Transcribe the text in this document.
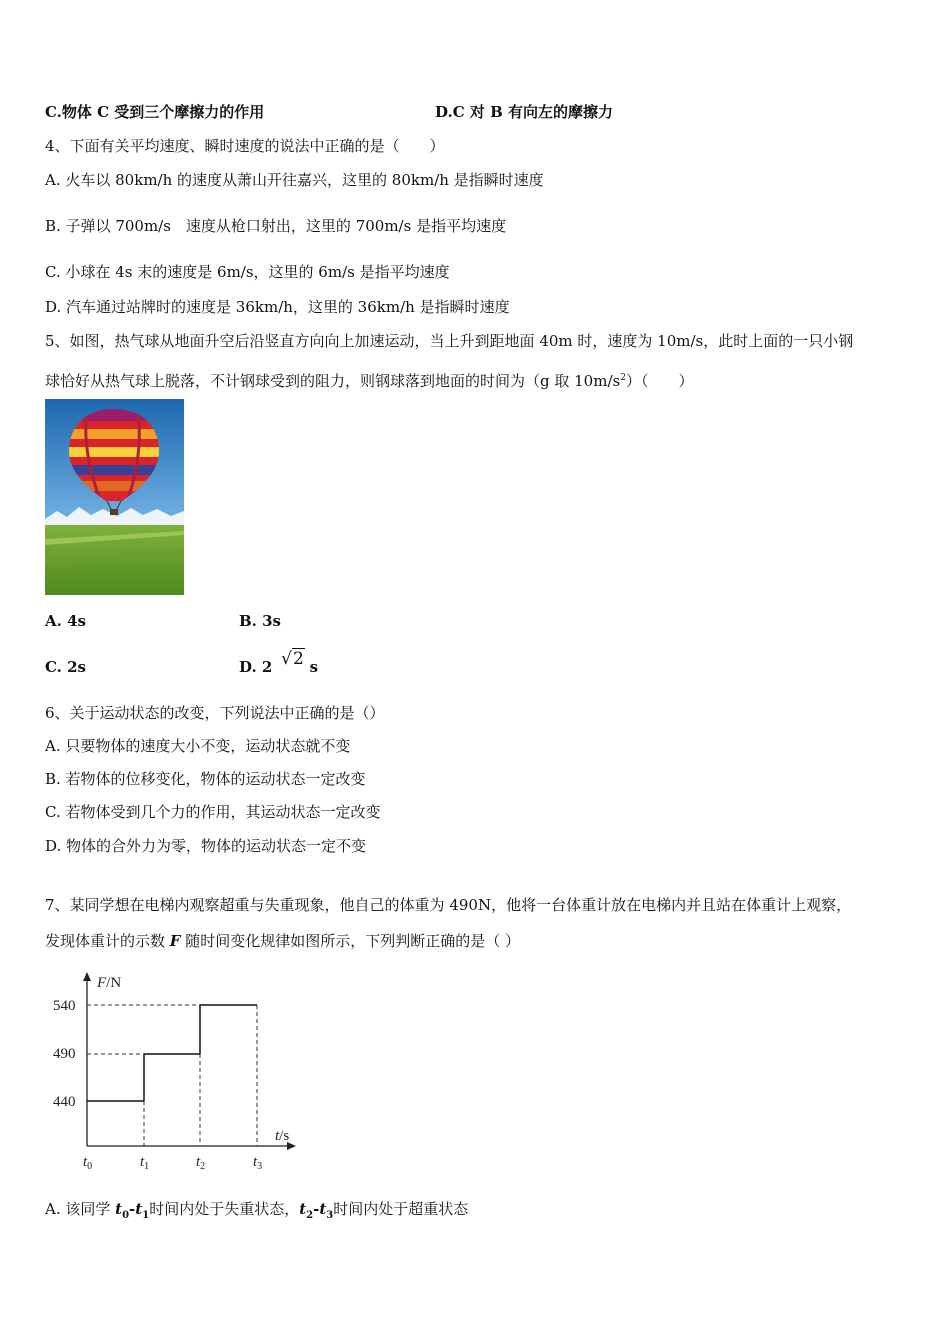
C.物体 C 受到三个摩擦力的作用	D.C 对 B 有向左的摩擦力
4、下面有关平均速度、瞬时速度的说法中正确的是（　　）
A. 火车以 80km/h 的速度从萧山开往嘉兴，这里的 80km/h 是指瞬时速度
B. 子弹以 700m/s　速度从枪口射出，这里的 700m/s 是指平均速度
C. 小球在 4s 末的速度是 6m/s，这里的 6m/s 是指平均速度
D. 汽车通过站牌时的速度是 36km/h，这里的 36km/h 是指瞬时速度
5、如图，热气球从地面升空后沿竖直方向向上加速运动，当上升到距地面 40m 时，速度为 10m/s，此时上面的一只小钢
球恰好从热气球上脱落，不计钢球受到的阻力，则钢球落到地面的时间为（g 取 $10m/s^2$）（　　）
A. 4s	B. 3s
C. 2s	D. 2 √2 s
6、关于运动状态的改变，下列说法中正确的是（）
A. 只要物体的速度大小不变，运动状态就不变
B. 若物体的位移变化，物体的运动状态一定改变
C. 若物体受到几个力的作用，其运动状态一定改变
D. 物体的合外力为零，物体的运动状态一定不变
7、某同学想在电梯内观察超重与失重现象，他自己的体重为 490N，他将一台体重计放在电梯内并且站在体重计上观察，
发现体重计的示数 F 随时间变化规律如图所示，下列判断正确的是（ ）
F/N
t/s
540
490
440
$t_0$	$t_1$	$t_2$	$t_3$
A. 该同学 $t_0-t_1$时间内处于失重状态，$t_2-t_3$时间内处于超重状态
